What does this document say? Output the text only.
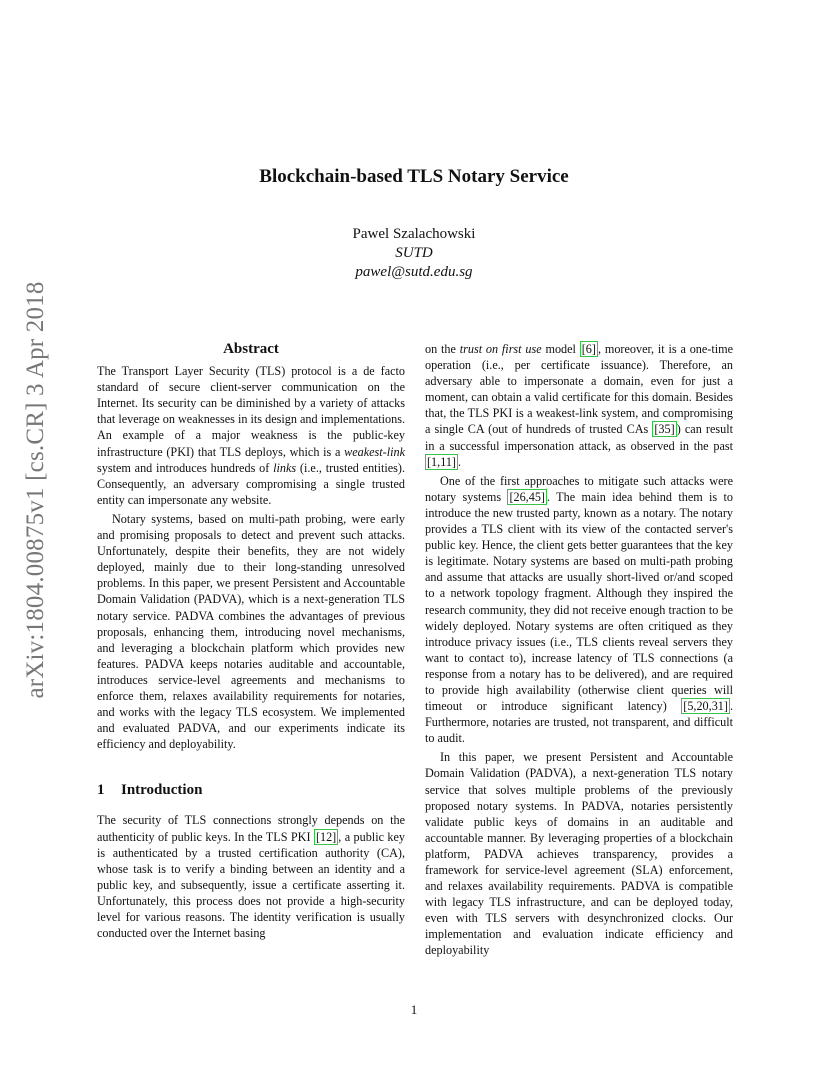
arXiv:1804.00875v1 [cs.CR] 3 Apr 2018
Blockchain-based TLS Notary Service
Pawel Szalachowski
SUTD
pawel@sutd.edu.sg
Abstract

The Transport Layer Security (TLS) protocol is a de facto standard of secure client-server communication on the Internet. Its security can be diminished by a variety of attacks that leverage on weaknesses in its design and implementations. An example of a major weakness is the public-key infrastructure (PKI) that TLS deploys, which is a weakest-link system and introduces hundreds of links (i.e., trusted entities). Consequently, an adversary compromising a single trusted entity can impersonate any website.

Notary systems, based on multi-path probing, were early and promising proposals to detect and prevent such attacks. Unfortunately, despite their benefits, they are not widely deployed, mainly due to their long-standing unresolved problems. In this paper, we present Persistent and Accountable Domain Validation (PADVA), which is a next-generation TLS notary service. PADVA combines the advantages of previous proposals, enhancing them, introducing novel mechanisms, and leveraging a blockchain platform which provides new features. PADVA keeps notaries auditable and accountable, introduces service-level agreements and mechanisms to enforce them, relaxes availability requirements for notaries, and works with the legacy TLS ecosystem. We implemented and evaluated PADVA, and our experiments indicate its efficiency and deployability.

1 Introduction

The security of TLS connections strongly depends on the authenticity of public keys. In the TLS PKI [12] , a public key is authenticated by a trusted certification authority (CA), whose task is to verify a binding between an identity and a public key, and subsequently, issue a certificate asserting it. Unfortunately, this process does not provide a high-security level for various reasons. The identity verification is usually conducted over the Internet basing

on the trust on first use model [6] , moreover, it is a one-time operation (i.e., per certificate issuance). Therefore, an adversary able to impersonate a domain, even for just a moment, can obtain a valid certificate for this domain. Besides that, the TLS PKI is a weakest-link system, and compromising a single CA (out of hundreds of trusted CAs [35] ) can result in a successful impersonation attack, as observed in the past [1,11] .

One of the first approaches to mitigate such attacks were notary systems [26,45] . The main idea behind them is to introduce the new trusted party, known as a notary. The notary provides a TLS client with its view of the contacted server's public key. Hence, the client gets better guarantees that the key is legitimate. Notary systems are based on multi-path probing and assume that attacks are usually short-lived or/and scoped to a network topology fragment. Although they inspired the research community, they did not receive enough traction to be widely deployed. Notary systems are often critiqued as they introduce privacy issues (i.e., TLS clients reveal servers they want to contact to), increase latency of TLS connections (a response from a notary has to be delivered), and are required to provide high availability (otherwise client queries will timeout or introduce significant latency) [5,20,31] . Furthermore, notaries are trusted, not transparent, and difficult to audit.

In this paper, we present Persistent and Accountable Domain Validation (PADVA), a next-generation TLS notary service that solves multiple problems of the previously proposed notary systems. In PADVA, notaries persistently validate public keys of domains in an auditable and accountable manner. By leveraging properties of a blockchain platform, PADVA achieves transparency, provides a framework for service-level agreement (SLA) enforcement, and relaxes availability requirements. PADVA is compatible with legacy TLS infrastructure, and can be deployed today, even with TLS servers with desynchronized clocks. Our implementation and evaluation indicate efficiency and deployability

1
